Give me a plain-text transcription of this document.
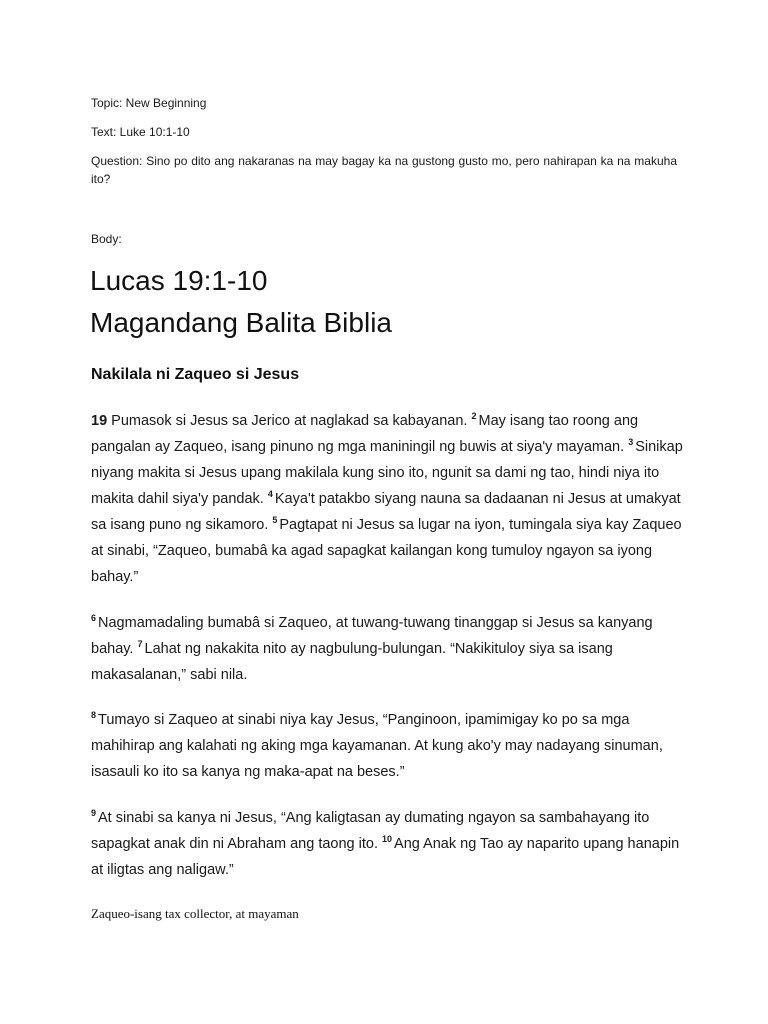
Topic: New Beginning
Text: Luke 10:1-10
Question: Sino po dito ang nakaranas na may bagay ka na gustong gusto mo, pero nahirapan ka na makuha ito?
Body:
Lucas 19:1-10
Magandang Balita Biblia
Nakilala ni Zaqueo si Jesus

19 Pumasok si Jesus sa Jerico at naglakad sa kabayanan. $^2$ May isang tao roong ang pangalan ay Zaqueo, isang pinuno ng mga maniningil ng buwis at siya'y mayaman. $^3$ Sinikap niyang makita si Jesus upang makilala kung sino ito, ngunit sa dami ng tao, hindi niya ito makita dahil siya'y pandak. $^4$ Kaya't patakbo siyang nauna sa dadaanan ni Jesus at umakyat sa isang puno ng sikamoro. $^5$ Pagtapat ni Jesus sa lugar na iyon, tumingala siya kay Zaqueo at sinabi, “Zaqueo, bumabâ ka agad sapagkat kailangan kong tumuloy ngayon sa iyong bahay.”

$^6$ Nagmamadaling bumabâ si Zaqueo, at tuwang-tuwang tinanggap si Jesus sa kanyang bahay. $^7$ Lahat ng nakakita nito ay nagbulung-bulungan. “Nakikituloy siya sa isang makasalanan,” sabi nila.

$^8$ Tumayo si Zaqueo at sinabi niya kay Jesus, “Panginoon, ipamimigay ko po sa mga mahihirap ang kalahati ng aking mga kayamanan. At kung ako'y may nadayang sinuman, isasauli ko ito sa kanya ng maka-apat na beses.”

$^9$ At sinabi sa kanya ni Jesus, “Ang kaligtasan ay dumating ngayon sa sambahayang ito sapagkat anak din ni Abraham ang taong ito. $^{10}$ Ang Anak ng Tao ay naparito upang hanapin at iligtas ang naligaw.”

Zaqueo-isang tax collector, at mayaman
